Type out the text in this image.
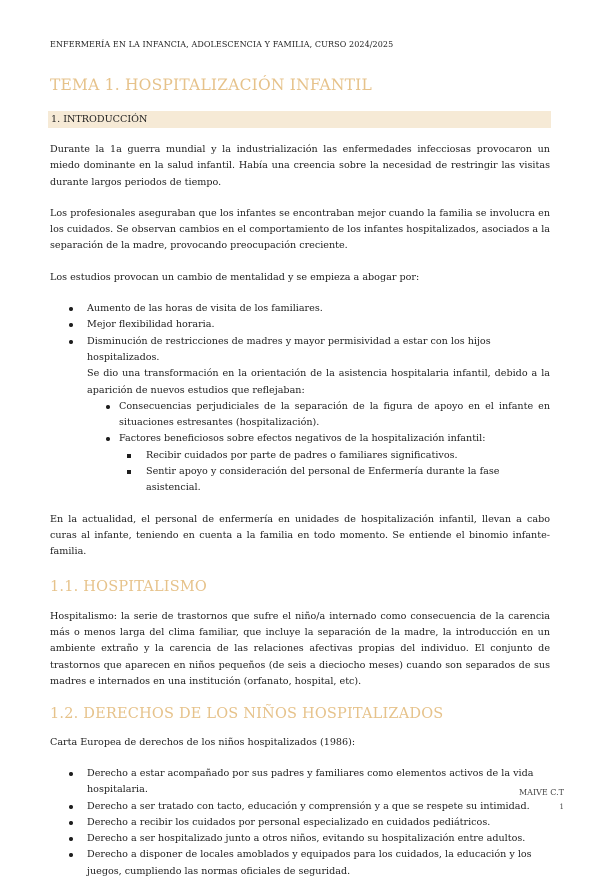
ENFERMERÍA EN LA INFANCIA, ADOLESCENCIA Y FAMILIA, CURSO 2024/2025
TEMA 1. HOSPITALIZACIÓN INFANTIL
1. INTRODUCCIÓN

Durante la 1a guerra mundial y la industrialización las enfermedades infecciosas provocaron un miedo dominante en la salud infantil. Había una creencia sobre la necesidad de restringir las visitas durante largos periodos de tiempo.

Los profesionales aseguraban que los infantes se encontraban mejor cuando la familia se involucra en los cuidados. Se observan cambios en el comportamiento de los infantes hospitalizados, asociados a la separación de la madre, provocando preocupación creciente.

Los estudios provocan un cambio de mentalidad y se empieza a abogar por:

Aumento de las horas de visita de los familiares.
Mejor flexibilidad horaria.
Disminución de restricciones de madres y mayor permisividad a estar con los hijos hospitalizados.
Se dio una transformación en la orientación de la asistencia hospitalaria infantil, debido a la aparición de nuevos estudios que reflejaban:
Consecuencias perjudiciales de la separación de la figura de apoyo en el infante en situaciones estresantes (hospitalización).
Factores beneficiosos sobre efectos negativos de la hospitalización infantil:
Recibir cuidados por parte de padres o familiares significativos.
Sentir apoyo y consideración del personal de Enfermería durante la fase asistencial.

En la actualidad, el personal de enfermería en unidades de hospitalización infantil, llevan a cabo curas al infante, teniendo en cuenta a la familia en todo momento. Se entiende el binomio infante-familia.

1.1. HOSPITALISMO

Hospitalismo: la serie de trastornos que sufre el niño/a internado como consecuencia de la carencia más o menos larga del clima familiar, que incluye la separación de la madre, la introducción en un ambiente extraño y la carencia de las relaciones afectivas propias del individuo. El conjunto de trastornos que aparecen en niños pequeños (de seis a dieciocho meses) cuando son separados de sus madres e internados en una institución (orfanato, hospital, etc).

1.2. DERECHOS DE LOS NIÑOS HOSPITALIZADOS

Carta Europea de derechos de los niños hospitalizados (1986):

Derecho a estar acompañado por sus padres y familiares como elementos activos de la vida hospitalaria.
Derecho a ser tratado con tacto, educación y comprensión y a que se respete su intimidad.
Derecho a recibir los cuidados por personal especializado en cuidados pediátricos.
Derecho a ser hospitalizado junto a otros niños, evitando su hospitalización entre adultos.
Derecho a disponer de locales amoblados y equipados para los cuidados, la educación y los juegos, cumpliendo las normas oficiales de seguridad.
MAIVE C.T
1
